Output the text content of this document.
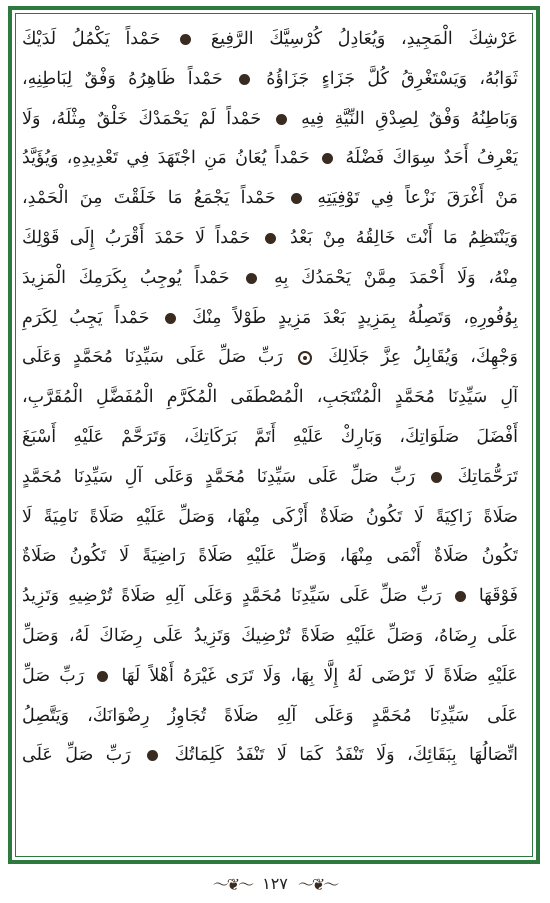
عَرْشِكَ الْمَجِيدِ، وَيُعَادِلُ كُرْسِيَّكَ الرَّفِيعَ  حَمْداً يَكْمُلُ لَدَيْكَ
ثَوَابُهُ، وَيَسْتَغْرِقُ كُلَّ جَزَاءٍ جَزَاؤُهُ  حَمْداً ظَاهِرُهُ وَفْقٌ لِبَاطِنِهِ،
وَبَاطِنُهُ وَفْقٌ لِصِدْقِ النِّيَّةِ فِيهِ  حَمْداً لَمْ يَحْمَدْكَ خَلْقٌ مِثْلَهُ، وَلَا
يَعْرِفُ أَحَدٌ سِوَاكَ فَضْلَهُ  حَمْداً يُعَانُ مَنِ اجْتَهَدَ فِي تَعْدِيدِهِ، وَيُؤَيَّدُ
مَنْ أَغْرَقَ نَزْعاً فِي تَوْفِيَتِهِ  حَمْداً يَجْمَعُ مَا خَلَقْتَ مِنَ الْحَمْدِ،
وَيَنْتَظِمُ مَا أَنْتَ خَالِقُهُ مِنْ بَعْدُ  حَمْداً لَا حَمْدَ أَقْرَبُ إِلَى قَوْلِكَ
مِنْهُ، وَلَا أَحْمَدَ مِمَّنْ يَحْمَدُكَ بِهِ  حَمْداً يُوجِبُ بِكَرَمِكَ الْمَزِيدَ
بِوُفُورِهِ، وَتَصِلُهُ بِمَزِيدٍ بَعْدَ مَزِيدٍ طَوْلاً مِنْكَ  حَمْداً يَجِبُ لِكَرَمِ
وَجْهِكَ، وَيُقَابِلُ عِزَّ جَلَالِكَ  رَبِّ صَلِّ عَلَى سَيِّدِنَا مُحَمَّدٍ وَعَلَى
آلِ سَيِّدِنَا مُحَمَّدٍ الْمُنْتَجَبِ، الْمُصْطَفَى الْمُكَرَّمِ الْمُفَضَّلِ الْمُقَرَّبِ،
أَفْضَلَ صَلَوَاتِكَ، وَبَارِكْ عَلَيْهِ أَتَمَّ بَرَكَاتِكَ، وَتَرَحَّمْ عَلَيْهِ أَسْبَغَ
تَرَحُّمَاتِكَ  رَبِّ صَلِّ عَلَى سَيِّدِنَا مُحَمَّدٍ وَعَلَى آلِ سَيِّدِنَا مُحَمَّدٍ
صَلَاةً زَاكِيَةً لَا تَكُونُ صَلَاةٌ أَزْكَى مِنْهَا، وَصَلِّ عَلَيْهِ صَلَاةً نَامِيَةً لَا
تَكُونُ صَلَاةٌ أَنْمَى مِنْهَا، وَصَلِّ عَلَيْهِ صَلَاةً رَاضِيَةً لَا تَكُونُ صَلَاةٌ
فَوْقَهَا  رَبِّ صَلِّ عَلَى سَيِّدِنَا مُحَمَّدٍ وَعَلَى آلِهِ صَلَاةً تُرْضِيهِ وَتَزِيدُ
عَلَى رِضَاهُ، وَصَلِّ عَلَيْهِ صَلَاةً تُرْضِيكَ وَتَزِيدُ عَلَى رِضَاكَ لَهُ، وَصَلِّ
عَلَيْهِ صَلَاةً لَا تَرْضَى لَهُ إِلَّا بِهَا، وَلَا تَرَى غَيْرَهُ أَهْلاً لَهَا  رَبِّ صَلِّ
عَلَى سَيِّدِنَا مُحَمَّدٍ وَعَلَى آلِهِ صَلَاةً تُجَاوِزُ رِضْوَانَكَ، وَيَتَّصِلُ
اتِّصَالُهَا بِبَقَائِكَ، وَلَا تَنْفَدُ كَمَا لَا تَنْفَدُ كَلِمَاتُكَ  رَبِّ صَلِّ عَلَى
〜❦〜 ١٢٧ 〜❦〜
